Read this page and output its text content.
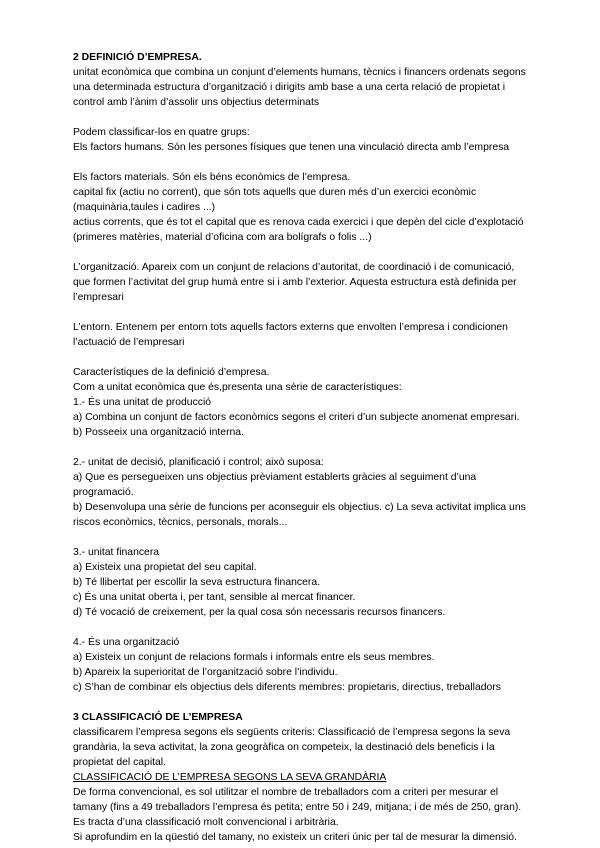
2 DEFINICIÓ D’EMPRESA.
unitat econòmica que combina un conjunt d’elements humans, tècnics i financers ordenats segons
una determinada estructura d’organització i dirigits amb base a una certa relació de propietat i
control amb l’ànim d’assolir uns objectius determinats
Podem classificar-los en quatre grups:
Els factors humans. Són les persones físiques que tenen una vinculació directa amb l’empresa
Els factors materials. Són els béns econòmics de l’empresa.
capital fix (actiu no corrent), que són tots aquells que duren més d’un exercici econòmic
(maquinària,taules i cadires ...)
actius corrents, que és tot el capital que es renova cada exercici i que depèn del cicle d’explotació
(primeres matèries, material d’oficina com ara bolígrafs o folis ...)
L’organització. Apareix com un conjunt de relacions d’autoritat, de coordinació i de comunicació,
que formen l’activitat del grup humà entre si i amb l’exterior. Aquesta estructura està definida per
l’empresari
L’entorn. Entenem per entorn tots aquells factors externs que envolten l’empresa i condicionen
l’actuació de l’empresari
Característiques de la definició d’empresa.
Com a unitat econòmica que és,presenta una sèrie de característiques:
1.- És una unitat de producció
a) Combina un conjunt de factors econòmics segons el criteri d’un subjecte anomenat empresari.
b) Posseeix una organització interna.
2.- unitat de decisió, planificació i control; això suposa:
a) Que es persegueixen uns objectius prèviament establerts gràcies al seguiment d’una
programació.
b) Desenvolupa una sèrie de funcions per aconseguir els objectius. c) La seva activitat implica uns
riscos econòmics, tècnics, personals, morals...
3.- unitat financera
a) Existeix una propietat del seu capital.
b) Té llibertat per escollir la seva estructura financera.
c) És una unitat oberta i, per tant, sensible al mercat financer.
d) Té vocació de creixement, per la qual cosa són necessaris recursos financers.
4.- És una organització
a) Existeix un conjunt de relacions formals i informals entre els seus membres.
b) Apareix la superioritat de l’organització sobre l’individu.
c) S’han de combinar els objectius dels diferents membres: propietaris, directius, treballadors
3 CLASSIFICACIÓ DE L’EMPRESA
classificarem l’empresa segons els següents criteris: Classificació de l’empresa segons la seva
grandària, la seva activitat, la zona geogràfica on competeix, la destinació dels beneficis i la
propietat del capital.
CLASSIFICACIÓ DE L’EMPRESA SEGONS LA SEVA GRANDÀRIA
De forma convencional, es sol utilitzar el nombre de treballadors com a criteri per mesurar el
tamany (fins a 49 treballadors l’empresa és petita; entre 50 i 249, mitjana; i de més de 250, gran).
Es tracta d’una classificació molt convencional i arbitrària.
Si aprofundim en la qüestió del tamany, no existeix un criteri únic per tal de mesurar la dimensió.
